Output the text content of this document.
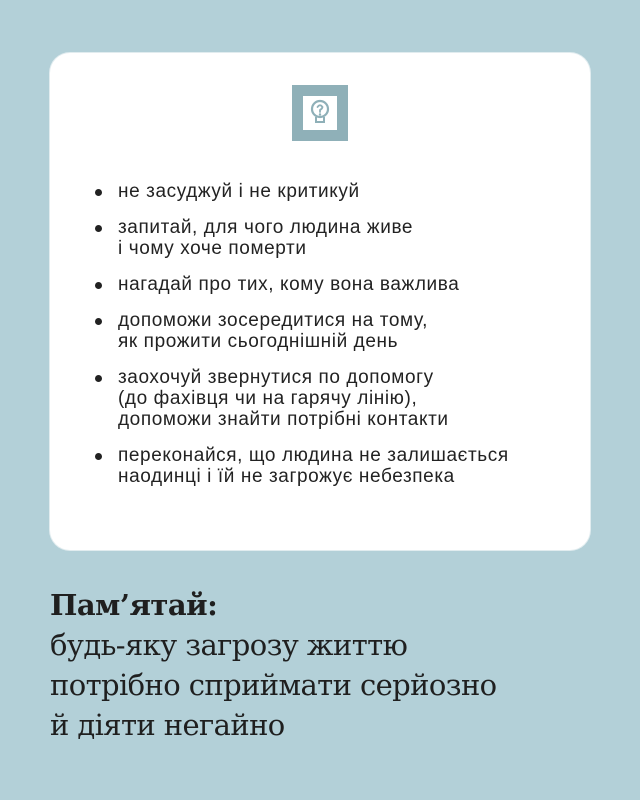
не засуджуй і не критикуй
запитай, для чого людина живе
і чому хоче померти
нагадай про тих, кому вона важлива
допоможи зосередитися на тому,
як прожити сьогоднішній день
заохочуй звернутися по допомогу
(до фахівця чи на гарячу лінію),
допоможи знайти потрібні контакти
переконайся, що людина не залишається
наодинці і їй не загрожує небезпека
Пам’ятай:
будь-яку загрозу життю
потрібно сприймати серйозно
й діяти негайно
